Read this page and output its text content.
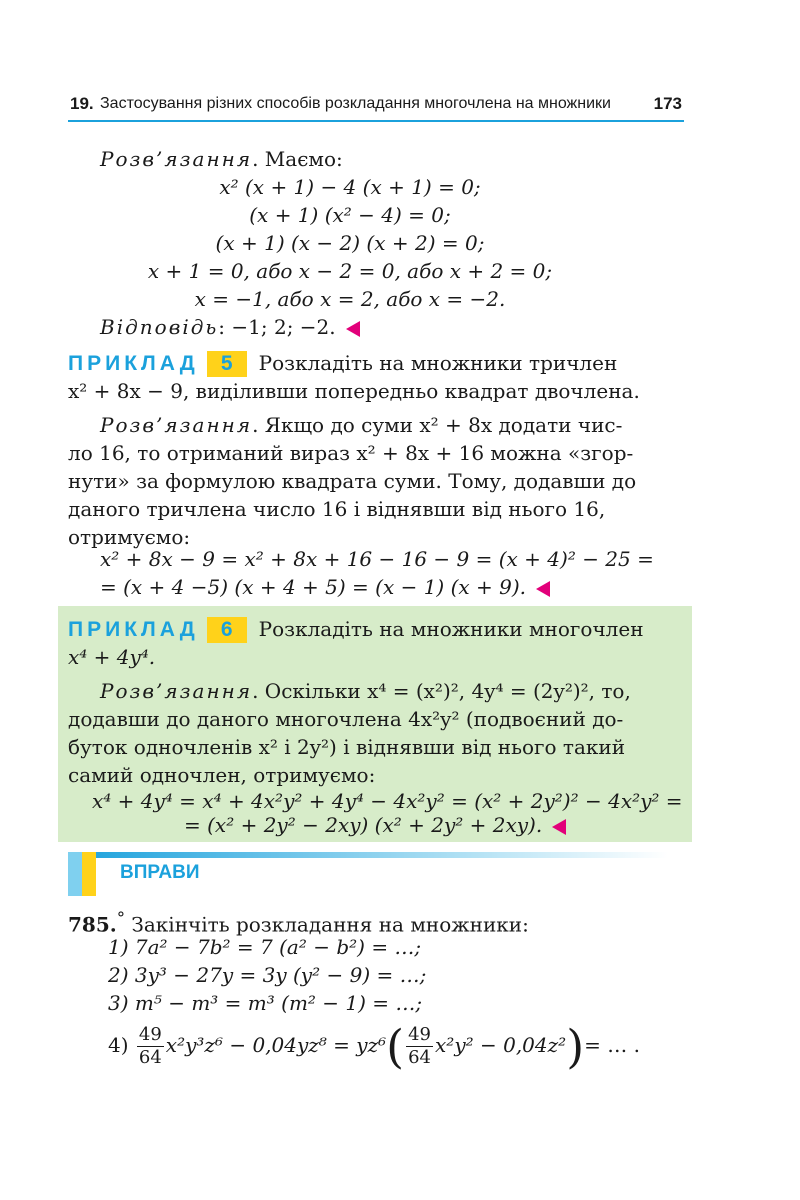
19. Застосування різних способів розкладання многочлена на множники	173
Розв’язання. Маємо:
x² (x + 1) − 4 (x + 1) = 0;
(x + 1) (x² − 4) = 0;
(x + 1) (x − 2) (x + 2) = 0;
x + 1 = 0, або x − 2 = 0, або x + 2 = 0;
x = −1, або x = 2, або x = −2.
Відповідь: −1; 2; −2.
ПРИКЛАД 5 Розкладіть на множники тричлен
x² + 8x − 9, виділивши попередньо квадрат двочлена.
Розв’язання. Якщо до суми x² + 8x додати чис-
ло 16, то отриманий вираз x² + 8x + 16 можна «згор-
нути» за формулою квадрата суми. Тому, додавши до
даного тричлена число 16 і віднявши від нього 16,
отримуємо:
x² + 8x − 9 = x² + 8x + 16 − 16 − 9 = (x + 4)² − 25 =
= (x + 4 −5) (x + 4 + 5) = (x − 1) (x + 9).
ПРИКЛАД 6 Розкладіть на множники многочлен
x⁴ + 4y⁴.
Розв’язання. Оскільки x⁴ = (x²)², 4y⁴ = (2y²)², то,
додавши до даного многочлена 4x²y² (подвоєний до-
буток одночленів x² і 2y²) і віднявши від нього такий
самий одночлен, отримуємо:
x⁴ + 4y⁴ = x⁴ + 4x²y² + 4y⁴ − 4x²y² = (x² + 2y²)² − 4x²y² =
= (x² + 2y² − 2xy) (x² + 2y² + 2xy).
ВПРАВИ
785.° Закінчіть розкладання на множники:
1) 7a² − 7b² = 7 (a² − b²) = …;
2) 3y³ − 27y = 3y (y² − 9) = …;
3) m⁵ − m³ = m³ (m² − 1) = …;
$4) \frac{49}{64} x^2y^3z^6 - 0,04yz^8 = yz^6( \frac{49}{64} x^2y^2 - 0,04z^2)=$ … .
